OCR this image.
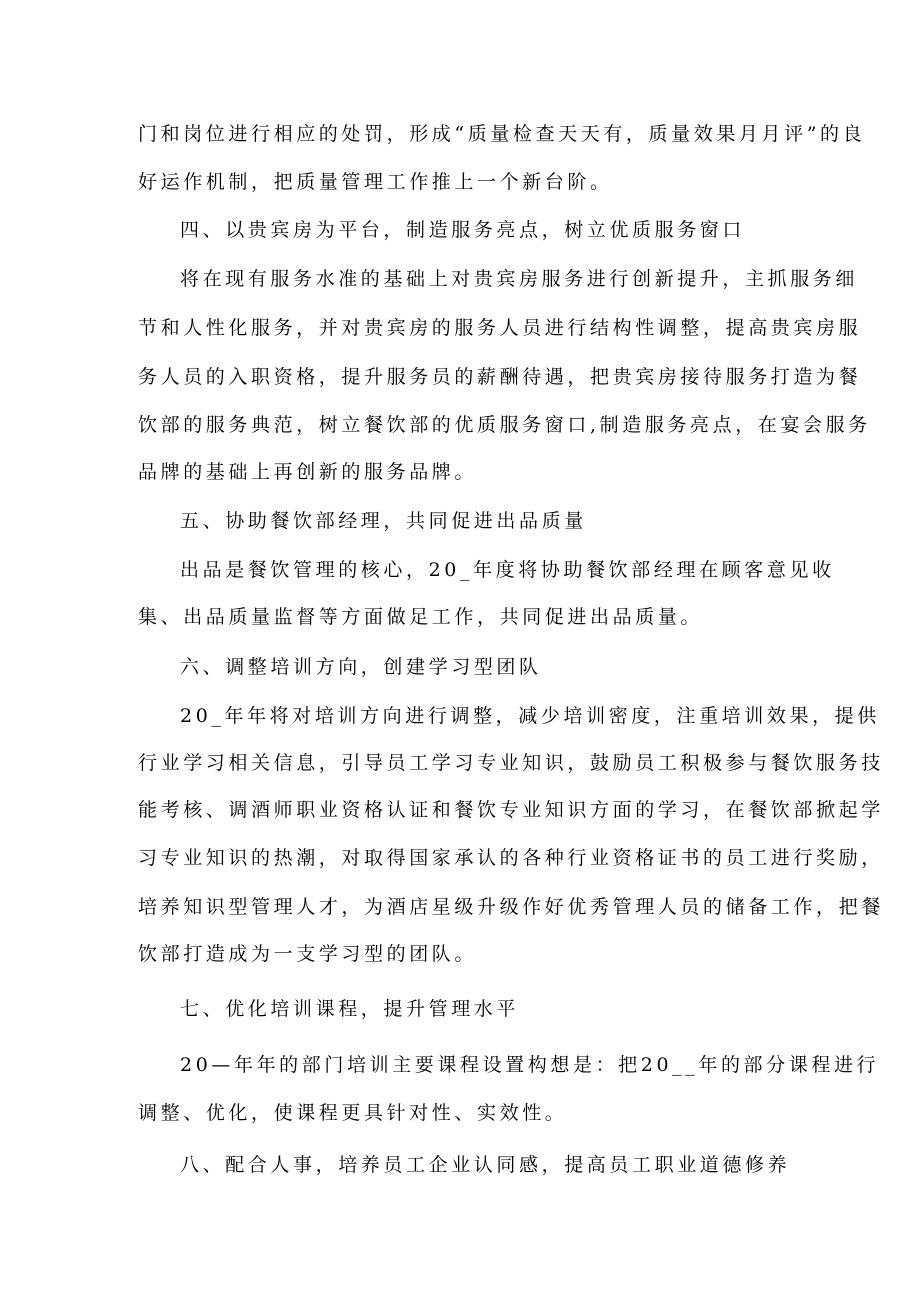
门和岗位进行相应的处罚，形成“质量检查天天有，质量效果月月评”的良
好运作机制，把质量管理工作推上一个新台阶。
四、以贵宾房为平台，制造服务亮点，树立优质服务窗口
将在现有服务水准的基础上对贵宾房服务进行创新提升，主抓服务细
节和人性化服务，并对贵宾房的服务人员进行结构性调整，提高贵宾房服
务人员的入职资格，提升服务员的薪酬待遇，把贵宾房接待服务打造为餐
饮部的服务典范，树立餐饮部的优质服务窗口,制造服务亮点，在宴会服务
品牌的基础上再创新的服务品牌。
五、协助餐饮部经理，共同促进出品质量
出品是餐饮管理的核心，20_年度将协助餐饮部经理在顾客意见收
集、出品质量监督等方面做足工作，共同促进出品质量。
六、调整培训方向，创建学习型团队
20_年年将对培训方向进行调整，减少培训密度，注重培训效果，提供
行业学习相关信息，引导员工学习专业知识，鼓励员工积极参与餐饮服务技
能考核、调酒师职业资格认证和餐饮专业知识方面的学习，在餐饮部掀起学
习专业知识的热潮，对取得国家承认的各种行业资格证书的员工进行奖励，
培养知识型管理人才，为酒店星级升级作好优秀管理人员的储备工作，把餐
饮部打造成为一支学习型的团队。
七、优化培训课程，提升管理水平
20—年年的部门培训主要课程设置构想是：把20__年的部分课程进行
调整、优化，使课程更具针对性、实效性。
八、配合人事，培养员工企业认同感，提高员工职业道德修养
